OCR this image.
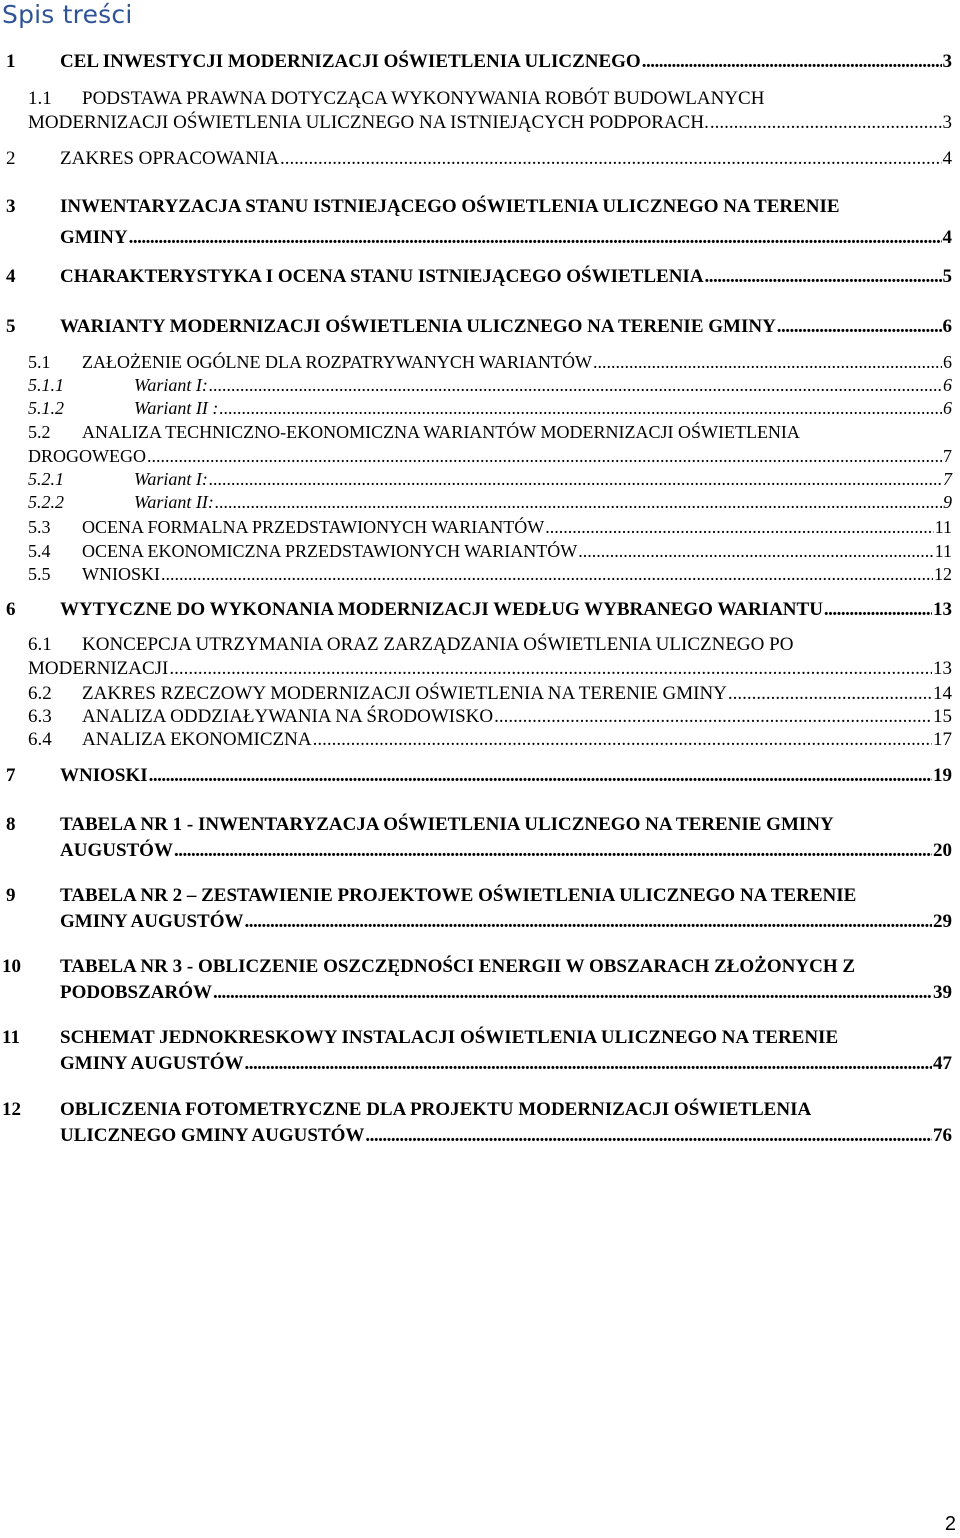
Spis treści
1 CEL INWESTYCJI MODERNIZACJI OŚWIETLENIA ULICZNEGO .....	3
1.1 PODSTAWA PRAWNA DOTYCZĄCA WYKONYWANIA ROBÓT BUDOWLANYCH
MODERNIZACJI OŚWIETLENIA ULICZNEGO NA ISTNIEJĄCYCH PODPORACH. .....	3
2 ZAKRES OPRACOWANIA .....	4
3 INWENTARYZACJA STANU ISTNIEJĄCEGO OŚWIETLENIA ULICZNEGO NA TERENIE
GMINY .....	4
4 CHARAKTERYSTYKA I OCENA STANU ISTNIEJĄCEGO OŚWIETLENIA .....	5
5 WARIANTY MODERNIZACJI OŚWIETLENIA ULICZNEGO NA TERENIE GMINY .....	6
5.1 ZAŁOŻENIE OGÓLNE DLA ROZPATRYWANYCH WARIANTÓW .....	6
5.1.1	Wariant I: .....	6
5.1.2	Wariant II : .....	6
5.2 ANALIZA TECHNICZNO-EKONOMICZNA WARIANTÓW MODERNIZACJI OŚWIETLENIA
DROGOWEGO .....	7
5.2.1	Wariant I: .....	7
5.2.2	Wariant II: .....	9
5.3 OCENA FORMALNA PRZEDSTAWIONYCH WARIANTÓW .....	11
5.4 OCENA EKONOMICZNA PRZEDSTAWIONYCH WARIANTÓW .....	11
5.5 WNIOSKI .....	12
6 WYTYCZNE DO WYKONANIA MODERNIZACJI WEDŁUG WYBRANEGO WARIANTU .....	13
6.1 KONCEPCJA UTRZYMANIA ORAZ ZARZĄDZANIA OŚWIETLENIA ULICZNEGO PO
MODERNIZACJI .....	13
6.2 ZAKRES RZECZOWY MODERNIZACJI OŚWIETLENIA NA TERENIE GMINY .....	14
6.3 ANALIZA ODDZIAŁYWANIA NA ŚRODOWISKO .....	15
6.4 ANALIZA EKONOMICZNA .....	17
7 WNIOSKI .....	19
8 TABELA NR 1 - INWENTARYZACJA OŚWIETLENIA ULICZNEGO NA TERENIE GMINY
AUGUSTÓW .....	20
9 TABELA NR 2 – ZESTAWIENIE PROJEKTOWE OŚWIETLENIA ULICZNEGO NA TERENIE
GMINY AUGUSTÓW .....	29
10 TABELA NR 3 - OBLICZENIE OSZCZĘDNOŚCI ENERGII W OBSZARACH ZŁOŻONYCH Z
PODOBSZARÓW .....	39
11 SCHEMAT JEDNOKRESKOWY INSTALACJI OŚWIETLENIA ULICZNEGO NA TERENIE
GMINY AUGUSTÓW .....	47
12 OBLICZENIA FOTOMETRYCZNE DLA PROJEKTU MODERNIZACJI OŚWIETLENIA
ULICZNEGO GMINY AUGUSTÓW .....	76
2
